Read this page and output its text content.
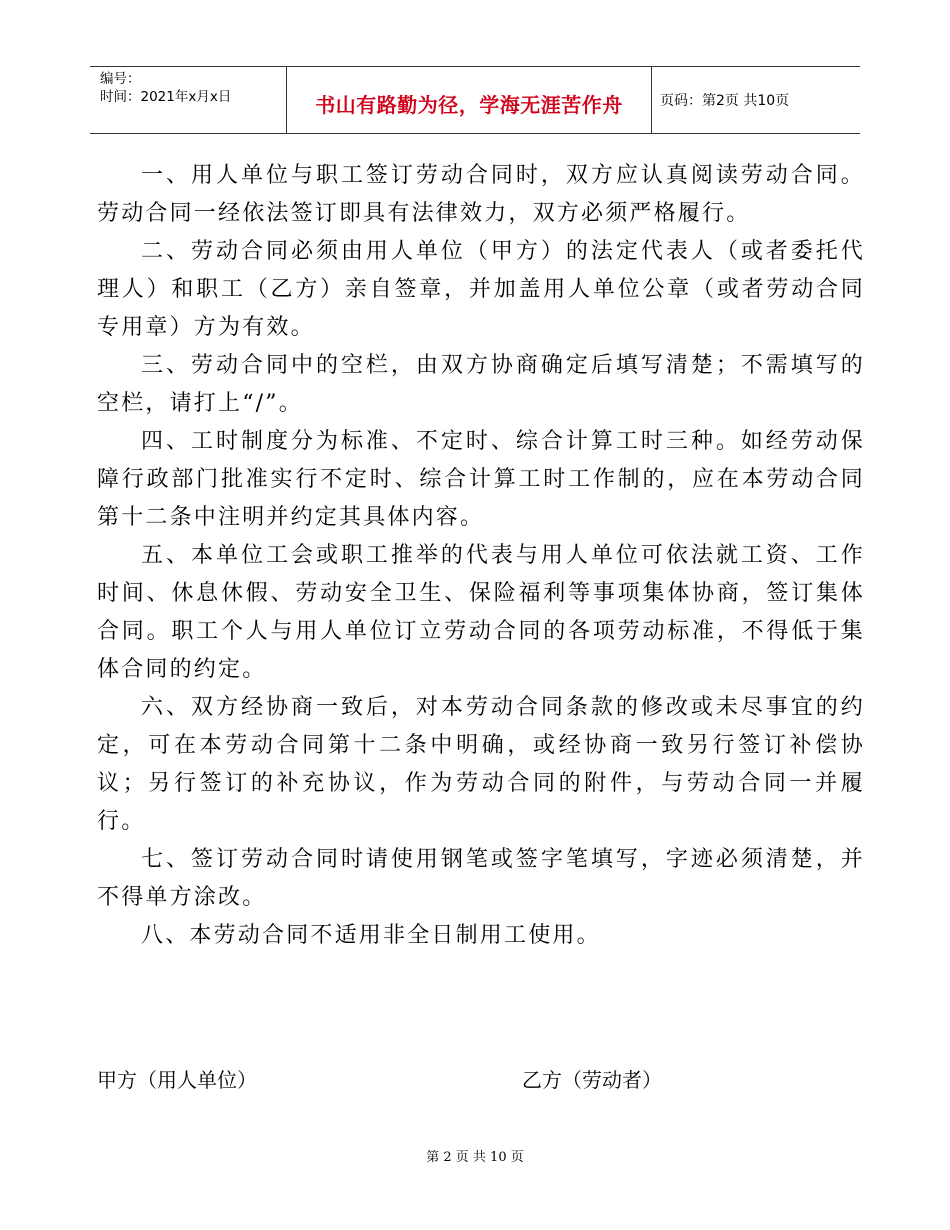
编号：
时间：2021年x月x日	书山有路勤为径，学海无涯苦作舟	页码：第2页 共10页

一、用人单位与职工签订劳动合同时，双方应认真阅读劳动合同。劳动合同一经依法签订即具有法律效力，双方必须严格履行。

二、劳动合同必须由用人单位（甲方）的法定代表人（或者委托代理人）和职工（乙方）亲自签章，并加盖用人单位公章（或者劳动合同专用章）方为有效。

三、劳动合同中的空栏，由双方协商确定后填写清楚；不需填写的空栏，请打上“/”。

四、工时制度分为标准、不定时、综合计算工时三种。如经劳动保障行政部门批准实行不定时、综合计算工时工作制的，应在本劳动合同第十二条中注明并约定其具体内容。

五、本单位工会或职工推举的代表与用人单位可依法就工资、工作时间、休息休假、劳动安全卫生、保险福利等事项集体协商，签订集体合同。职工个人与用人单位订立劳动合同的各项劳动标准，不得低于集体合同的约定。

六、双方经协商一致后，对本劳动合同条款的修改或未尽事宜的约定，可在本劳动合同第十二条中明确，或经协商一致另行签订补偿协议；另行签订的补充协议，作为劳动合同的附件，与劳动合同一并履行。

七、签订劳动合同时请使用钢笔或签字笔填写，字迹必须清楚，并不得单方涂改。

八、本劳动合同不适用非全日制用工使用。

甲方（用人单位）	乙方（劳动者）
第 2 页 共 10 页
